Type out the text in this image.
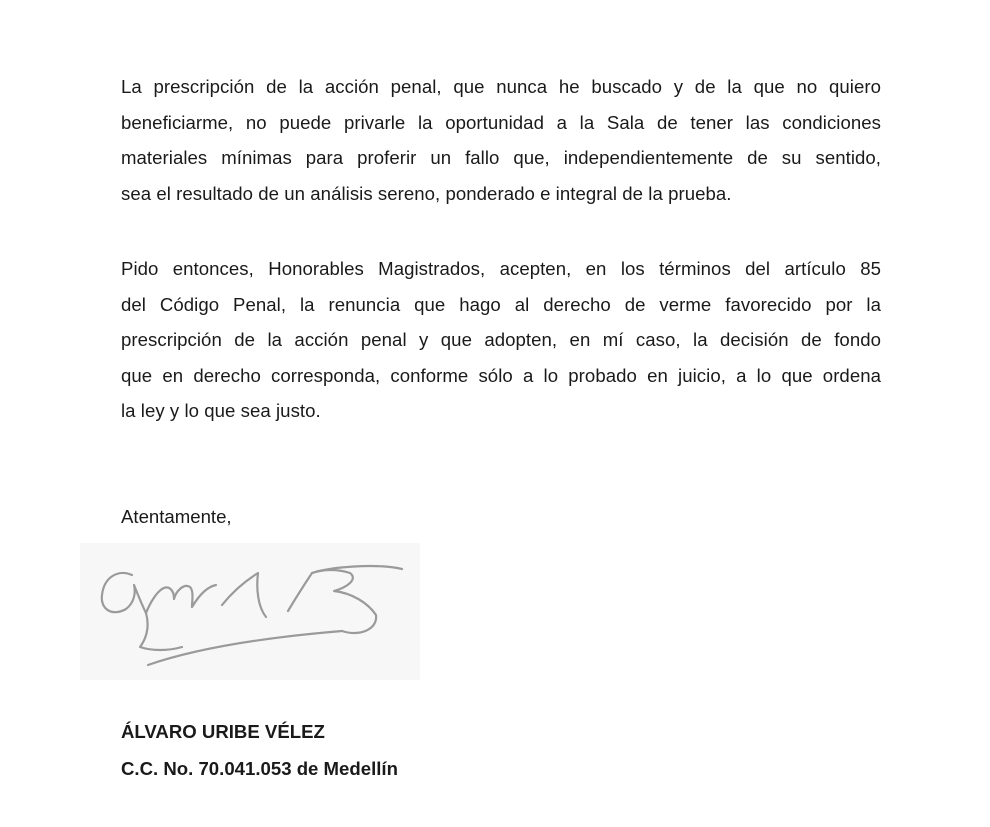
La prescripción de la acción penal, que nunca he buscado y de la que no quiero
beneficiarme, no puede privarle la oportunidad a la Sala de tener las condiciones
materiales mínimas para proferir un fallo que, independientemente de su sentido,
sea el resultado de un análisis sereno, ponderado e integral de la prueba.

Pido entonces, Honorables Magistrados, acepten, en los términos del artículo 85
del Código Penal, la renuncia que hago al derecho de verme favorecido por la
prescripción de la acción penal y que adopten, en mí caso, la decisión de fondo
que en derecho corresponda, conforme sólo a lo probado en juicio, a lo que ordena
la ley y lo que sea justo.

Atentamente,

ÁLVARO URIBE VÉLEZ

C.C. No. 70.041.053 de Medellín
